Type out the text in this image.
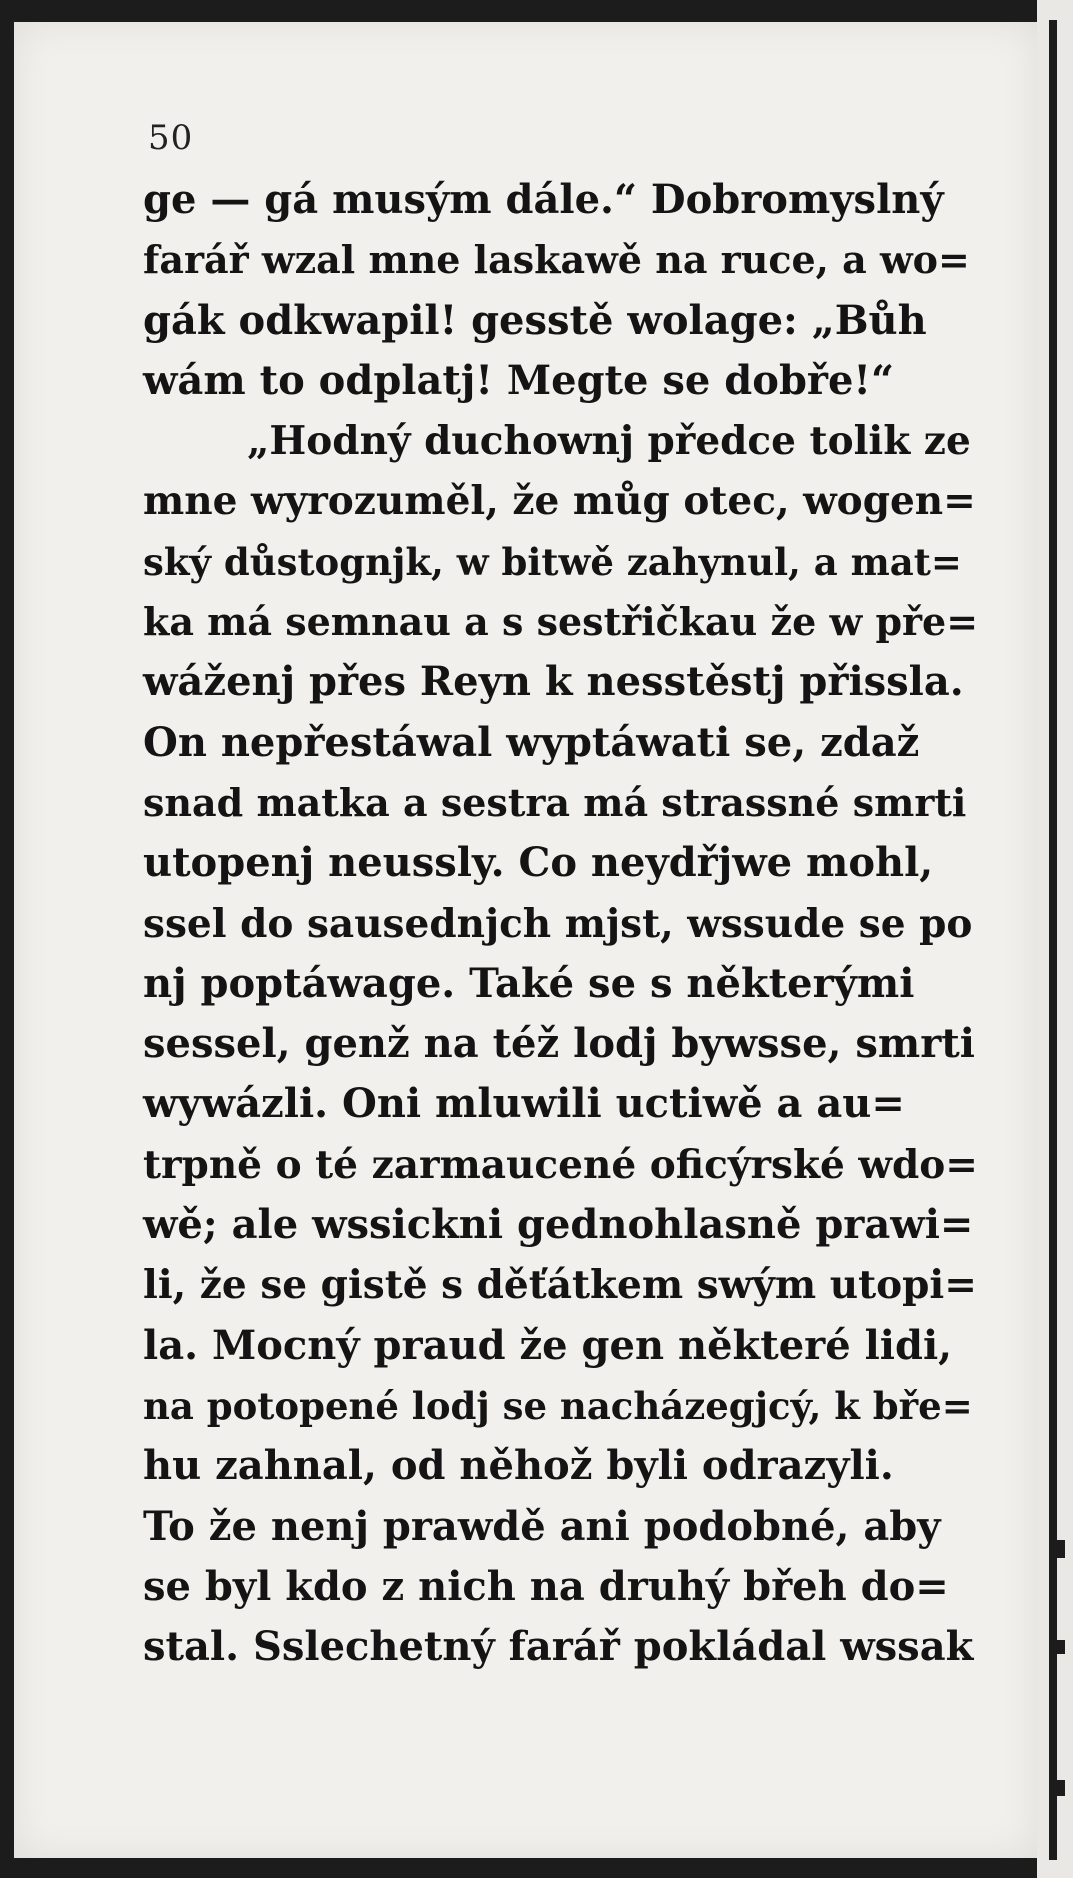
50
ge — gá musým dále.“ Dobromyslný
farář wzal mne laskawě na ruce, a wo=
gák odkwapil! gesstě wolage: „Bůh
wám to odplatj! Megte se dobře!“
„Hodný duchownj předce tolik ze
mne wyrozuměl, že můg otec, wogen=
ský důstognjk, w bitwě zahynul, a mat=
ka má semnau a s sestřičkau že w pře=
wáženj přes Reyn k nesstěstj přissla.
On nepřestáwal wyptáwati se, zdaž
snad matka a sestra má strassné smrti
utopenj neussly. Co neydřjwe mohl,
ssel do sausednjch mjst, wssude se po
nj poptáwage. Také se s některými
sessel, genž na též lodj bywsse, smrti
wywázli. Oni mluwili uctiwě a au=
trpně o té zarmaucené oficýrské wdo=
wě; ale wssickni gednohlasně prawi=
li, že se gistě s děťátkem swým utopi=
la. Mocný praud že gen některé lidi,
na potopené lodj se nacházegjcý, k bře=
hu zahnal, od něhož byli odrazyli.
To že nenj prawdě ani podobné, aby
se byl kdo z nich na druhý břeh do=
stal. Sslechetný farář pokládal wssak
